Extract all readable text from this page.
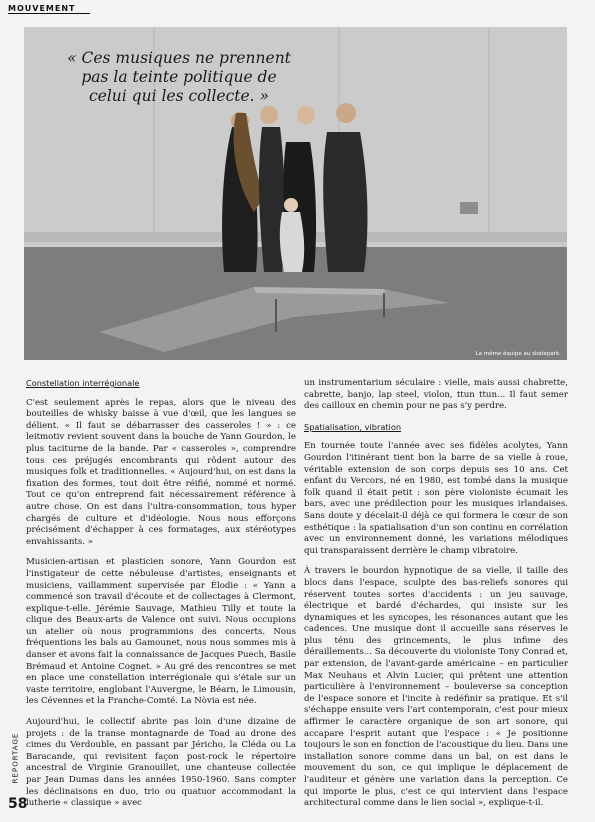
MOUVEMENT
« Ces musiques ne prennent pas la teinte politique de celui qui les collecte. »
La même équipe au skatepark.
Constellation interrégionale

C'est seulement après le repas, alors que le niveau des bouteilles de whisky baisse à vue d'œil, que les langues se délient. « Il faut se débarrasser des casseroles ! » : ce leitmotiv revient souvent dans la bouche de Yann Gourdon, le plus taciturne de la bande. Par « casseroles », comprendre tous ces préjugés encombrants qui rôdent autour des musiques folk et traditionnelles. « Aujourd'hui, on est dans la fixation des formes, tout doit être réifié, nommé et normé. Tout ce qu'on entreprend fait nécessairement référence à autre chose. On est dans l'ultra-consommation, tous hyper chargés de culture et d'idéologie. Nous nous efforçons précisément d'échapper à ces formatages, aux stéréotypes envahissants. »

Musicien-artisan et plasticien sonore, Yann Gourdon est l'instigateur de cette nébuleuse d'artistes, enseignants et musiciens, vaillamment supervisée par Élodie : « Yann a commencé son travail d'écoute et de collectages à Clermont, explique-t-elle. Jérémie Sauvage, Mathieu Tilly et toute la clique des Beaux-arts de Valence ont suivi. Nous occupions un atelier où nous programmions des concerts. Nous fréquentions les bals au Gamounet, nous nous sommes mis à danser et avons fait la connaissance de Jacques Puech, Basile Brémaud et Antoine Cognet. » Au gré des rencontres se met en place une constellation interrégionale qui s'étale sur un vaste territoire, englobant l'Auvergne, le Béarn, le Limousin, les Cévennes et la Franche-Comté. La Nòvia est née.

Aujourd'hui, le collectif abrite pas loin d'une dizaine de projets : de la transe montagnarde de Toad au drone des cimes du Verdouble, en passant par Jéricho, la Cléda ou La Baracande, qui revisitent façon post-rock le répertoire ancestral de Virginie Granouillet, une chanteuse collectée par Jean Dumas dans les années 1950-1960. Sans compter les déclinaisons en duo, trio ou quatuor accommodant la lutherie « classique » avec

un instrumentarium séculaire : vielle, mais aussi chabrette, cabrette, banjo, lap steel, violon, ttun ttun... Il faut semer des cailloux en chemin pour ne pas s'y perdre.

Spatialisation, vibration

En tournée toute l'année avec ses fidèles acolytes, Yann Gourdon l'itinérant tient bon la barre de sa vielle à roue, véritable extension de son corps depuis ses 10 ans. Cet enfant du Vercors, né en 1980, est tombé dans la musique folk quand il était petit : son père violoniste écumait les bars, avec une prédilection pour les musiques irlandaises. Sans doute y décelait-il déjà ce qui formera le cœur de son esthétique : la spatialisation d'un son continu en corrélation avec un environnement donné, les variations mélodiques qui transparaissent derrière le champ vibratoire.

À travers le bourdon hypnotique de sa vielle, il taille des blocs dans l'espace, sculpte des bas-reliefs sonores qui réservent toutes sortes d'accidents : un jeu sauvage, électrique et bardé d'échardes, qui insiste sur les dynamiques et les syncopes, les résonances autant que les cadences. Une musique dont il accueille sans réserves le plus ténu des grincements, le plus infime des déraillements... Sa découverte du violoniste Tony Conrad et, par extension, de l'avant-garde américaine – en particulier Max Neuhaus et Alvin Lucier, qui prêtent une attention particulière à l'environnement – bouleverse sa conception de l'espace sonore et l'incite à redéfinir sa pratique. Et s'il s'échappe ensuite vers l'art contemporain, c'est pour mieux affirmer le caractère organique de son art sonore, qui accapare l'esprit autant que l'espace : « Je positionne toujours le son en fonction de l'acoustique du lieu. Dans une installation sonore comme dans un bal, on est dans le mouvement du son, ce qui implique le déplacement de l'auditeur et génère une variation dans la perception. Ce qui importe le plus, c'est ce qui intervient dans l'espace architectural comme dans le lien social », explique-t-il.

REPORTAGE
58
